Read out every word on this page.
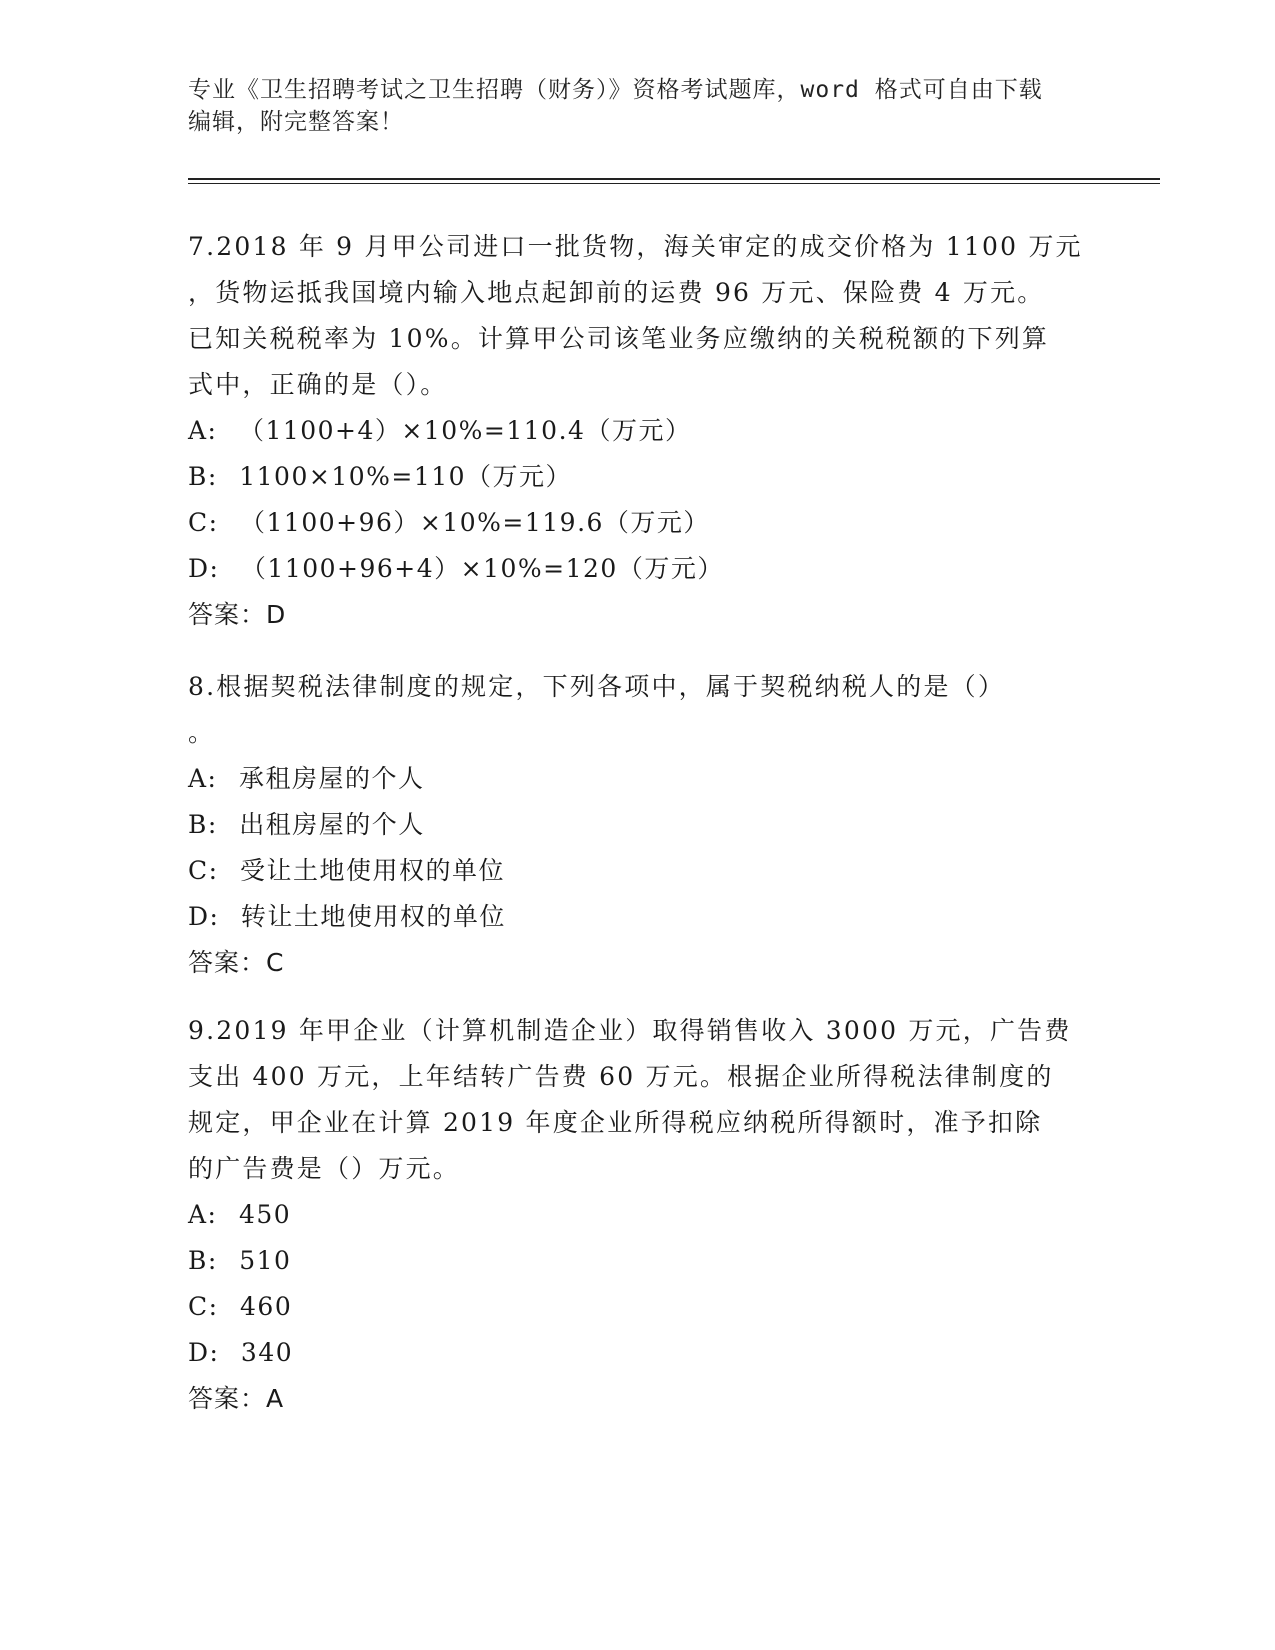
专业《卫生招聘考试之卫生招聘（财务）》资格考试题库，word 格式可自由下载
编辑，附完整答案！
7.2018 年 9 月甲公司进口一批货物，海关审定的成交价格为 1100 万元
，货物运抵我国境内输入地点起卸前的运费 96 万元、保险费 4 万元。
已知关税税率为 10%。计算甲公司该笔业务应缴纳的关税税额的下列算
式中，正确的是（）。
A: （1100+4）×10%=110.4（万元）
B: 1100×10%=110（万元）
C: （1100+96）×10%=119.6（万元）
D: （1100+96+4）×10%=120（万元）
答案：D
8.根据契税法律制度的规定，下列各项中，属于契税纳税人的是（）
。
A: 承租房屋的个人
B: 出租房屋的个人
C: 受让土地使用权的单位
D: 转让土地使用权的单位
答案：C
9.2019 年甲企业（计算机制造企业）取得销售收入 3000 万元，广告费
支出 400 万元，上年结转广告费 60 万元。根据企业所得税法律制度的
规定，甲企业在计算 2019 年度企业所得税应纳税所得额时，准予扣除
的广告费是（）万元。
A: 450
B: 510
C: 460
D: 340
答案：A
